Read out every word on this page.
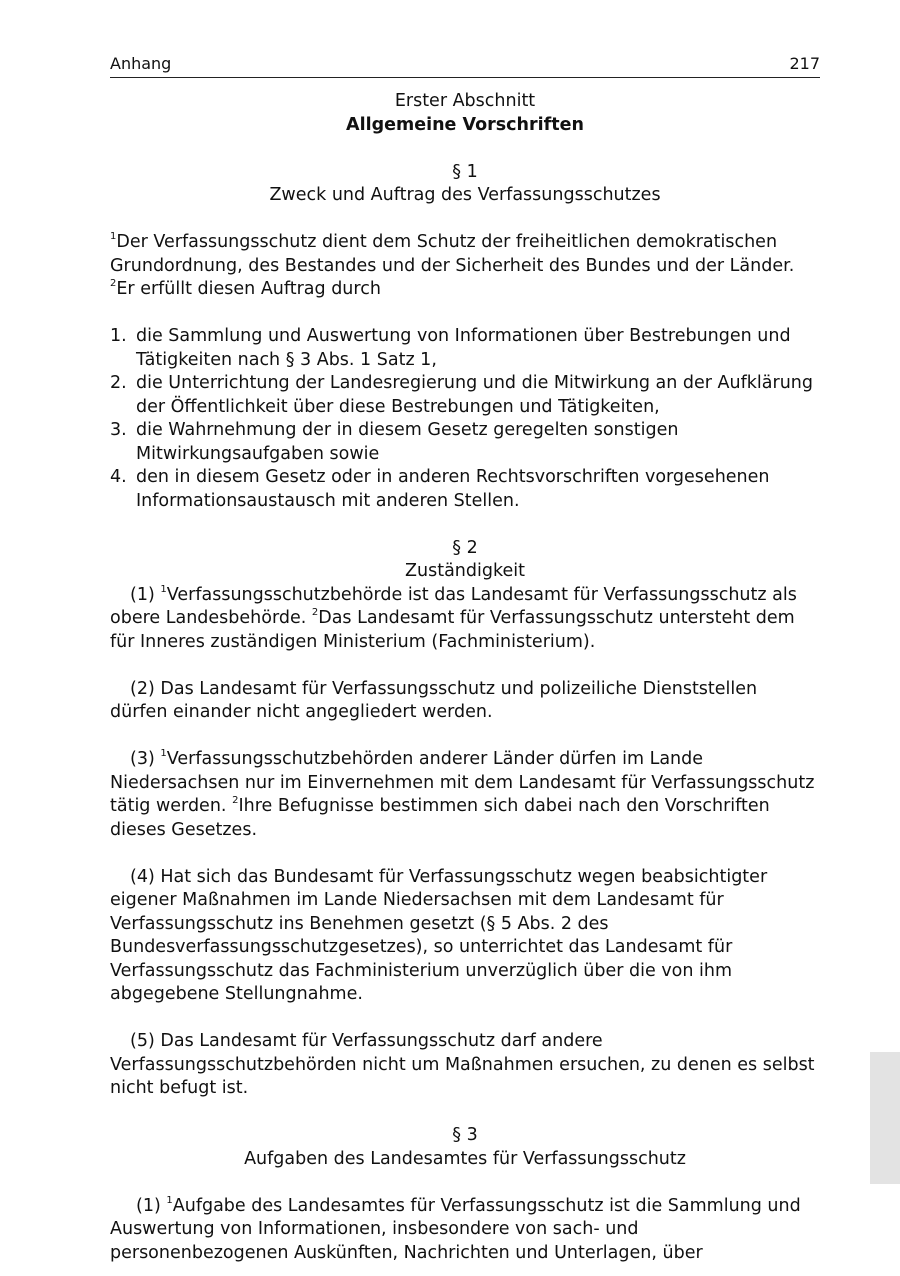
Anhang	217

Erster Abschnitt

Allgemeine Vorschriften

§ 1

Zweck und Auftrag des Verfassungsschutzes

$^1$Der Verfassungsschutz dient dem Schutz der freiheitlichen demokratischen Grundordnung, des Bestandes und der Sicherheit des Bundes und der Länder. $^2$Er erfüllt diesen Auftrag durch

1. die Sammlung und Auswertung von Informationen über Bestrebungen und Tätigkeiten nach § 3 Abs. 1 Satz 1,
2. die Unterrichtung der Landesregierung und die Mitwirkung an der Aufklärung der Öffentlichkeit über diese Bestrebungen und Tätigkeiten,
3. die Wahrnehmung der in diesem Gesetz geregelten sonstigen Mitwirkungsaufgaben sowie
4. den in diesem Gesetz oder in anderen Rechtsvorschriften vorgesehenen Informationsaustausch mit anderen Stellen.

§ 2

Zuständigkeit

(1) $^1$Verfassungsschutzbehörde ist das Landesamt für Verfassungsschutz als obere Landesbehörde. $^2$Das Landesamt für Verfassungsschutz untersteht dem für Inneres zuständigen Ministerium (Fachministerium).

(2) Das Landesamt für Verfassungsschutz und polizeiliche Dienststellen dürfen einander nicht angegliedert werden.

(3) $^1$Verfassungsschutzbehörden anderer Länder dürfen im Lande Niedersachsen nur im Einvernehmen mit dem Landesamt für Verfassungsschutz tätig werden. $^2$Ihre Befugnisse bestimmen sich dabei nach den Vorschriften dieses Gesetzes.

(4) Hat sich das Bundesamt für Verfassungsschutz wegen beabsichtigter eigener Maßnahmen im Lande Niedersachsen mit dem Landesamt für Verfassungsschutz ins Benehmen gesetzt (§ 5 Abs. 2 des Bundesverfassungsschutzgesetzes), so unterrichtet das Landesamt für Verfassungsschutz das Fachministerium unverzüglich über die von ihm abgegebene Stellungnahme.

(5) Das Landesamt für Verfassungsschutz darf andere Verfassungsschutzbehörden nicht um Maßnahmen ersuchen, zu denen es selbst nicht befugt ist.

§ 3

Aufgaben des Landesamtes für Verfassungsschutz

(1) $^1$Aufgabe des Landesamtes für Verfassungsschutz ist die Sammlung und Auswertung von Informationen, insbesondere von sach- und personenbezogenen Auskünften, Nachrichten und Unterlagen, über
